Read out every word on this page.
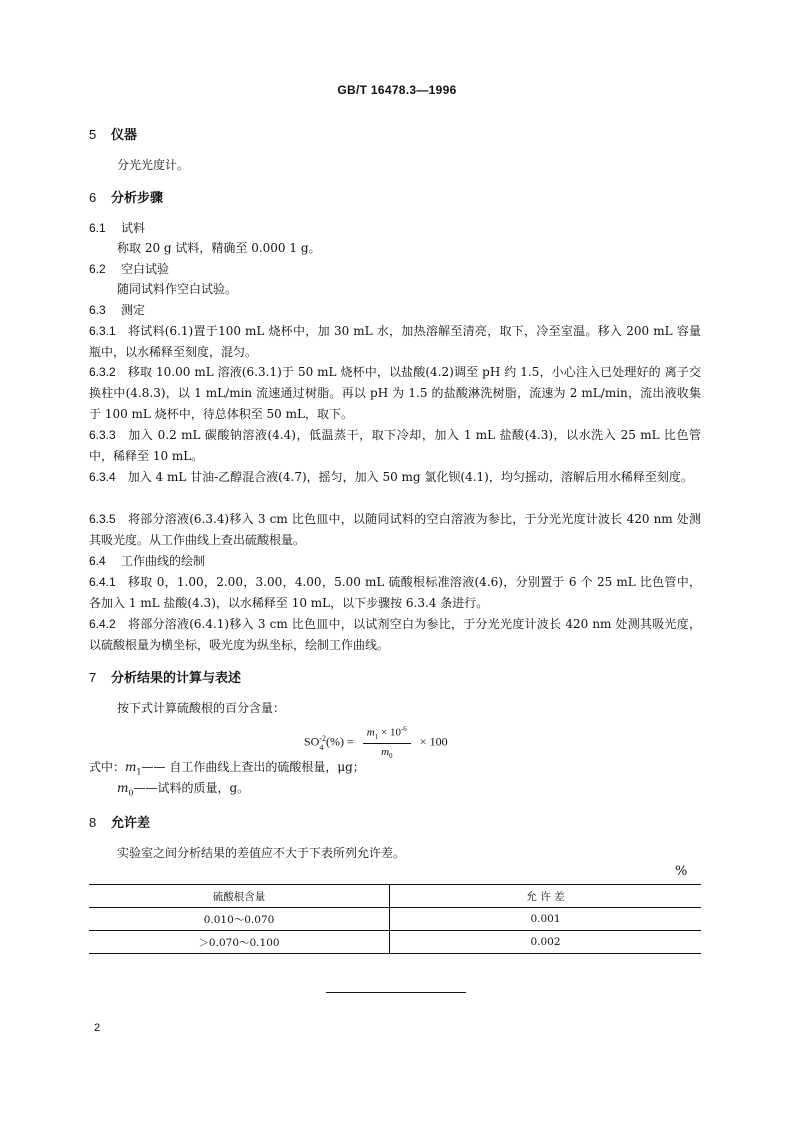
GB/T 16478.3—1996
5 仪器
分光光度计。
6 分析步骤
6.1 试料
称取 20 g 试料，精确至 0.000 1 g。
6.2 空白试验
随同试料作空白试验。
6.3 测定
6.3.1 将试料(6.1)置于100 mL 烧杯中，加 30 mL 水，加热溶解至清亮，取下，冷至室温。移入 200 mL 容量瓶中，以水稀释至刻度，混匀。
6.3.2 移取 10.00 mL 溶液(6.3.1)于 50 mL 烧杯中，以盐酸(4.2)调至 pH 约 1.5，小心注入已处理好的 离子交换柱中(4.8.3)，以 1 mL/min 流速通过树脂。再以 pH 为 1.5 的盐酸淋洗树脂，流速为 2 mL/min，流出液收集于 100 mL 烧杯中，待总体积至 50 mL，取下。
6.3.3 加入 0.2 mL 碳酸钠溶液(4.4)，低温蒸干，取下冷却，加入 1 mL 盐酸(4.3)，以水洗入 25 mL 比色管中，稀释至 10 mL。
6.3.4 加入 4 mL 甘油-乙醇混合液(4.7)，摇匀，加入 50 mg 氯化钡(4.1)，均匀摇动，溶解后用水稀释至刻度。
6.3.5 将部分溶液(6.3.4)移入 3 cm 比色皿中，以随同试料的空白溶液为参比，于分光光度计波长 420 nm 处测其吸光度。从工作曲线上查出硫酸根量。
6.4 工作曲线的绘制
6.4.1 移取 0，1.00，2.00，3.00，4.00，5.00 mL 硫酸根标准溶液(4.6)，分别置于 6 个 25 mL 比色管中，各加入 1 mL 盐酸(4.3)，以水稀释至 10 mL，以下步骤按 6.3.4 条进行。
6.4.2 将部分溶液(6.4.1)移入 3 cm 比色皿中，以试剂空白为参比，于分光光度计波长 420 nm 处测其吸光度，以硫酸根量为横坐标，吸光度为纵坐标，绘制工作曲线。
7 分析结果的计算与表述
按下式计算硫酸根的百分含量：
SO -2
4 (%) = $\frac{m_1 \times 10^{-6}}{m_0} \times 100$
式中：$m_1——$ 自工作曲线上查出的硫酸根量，μg；
$m_0——$试料的质量，g。
8 允许差
实验室之间分析结果的差值应不大于下表所列允许差。
%
硫酸根含量	允 许 差
0.010～0.070	0.001
＞0.070～0.100	0.002
2
